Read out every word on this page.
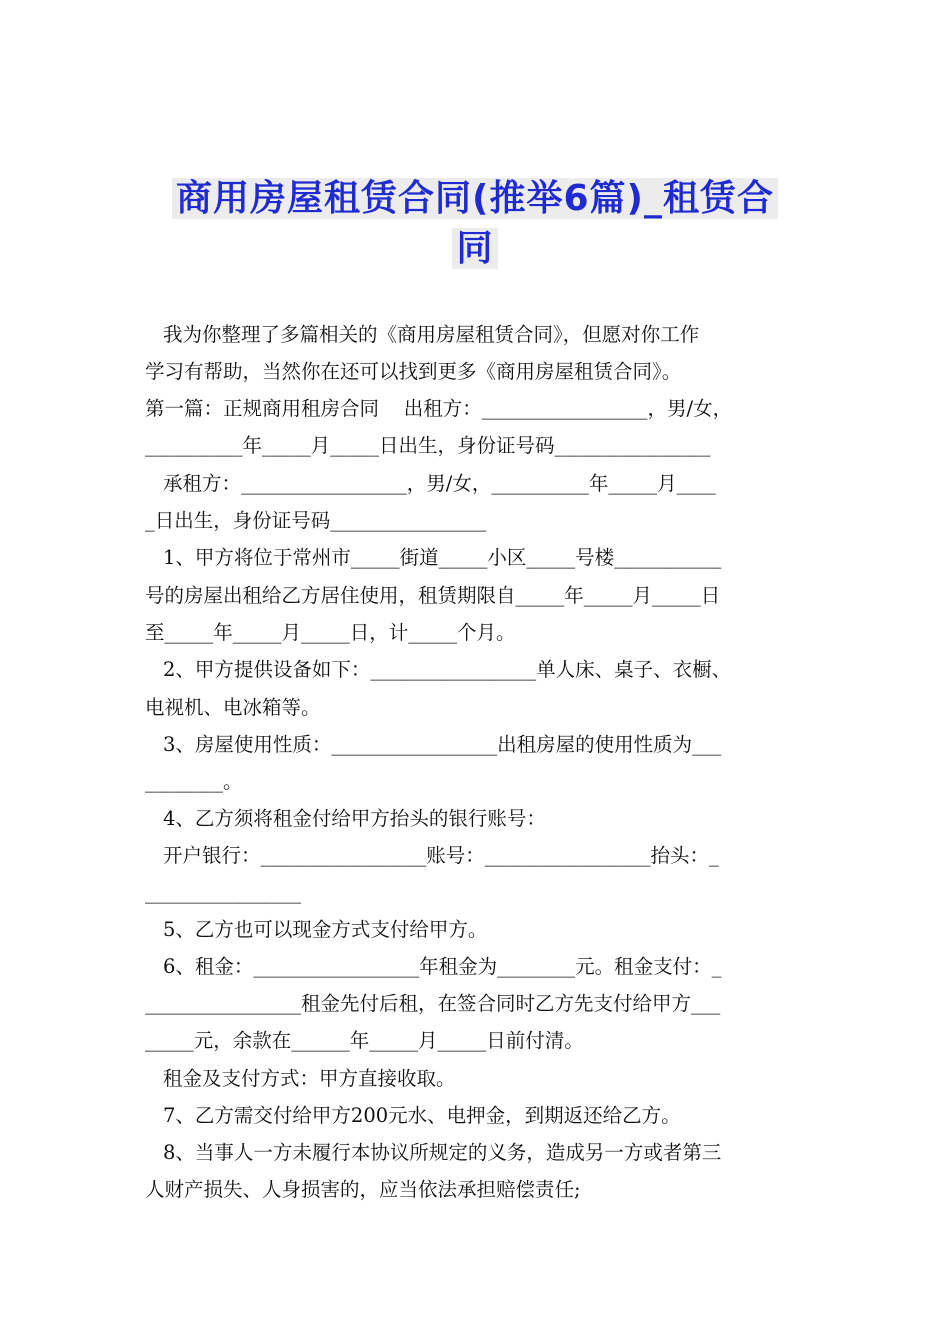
商用房屋租赁合同(推举6篇)_租赁合
同
我为你整理了多篇相关的《商用房屋租赁合同》，但愿对你工作
学习有帮助，当然你在还可以找到更多《商用房屋租赁合同》。
第一篇：正规商用租房合同    出租方：_________________，男/女，
__________年_____月_____日出生，身份证号码________________
承租方：_________________，男/女，__________年_____月____
_日出生，身份证号码________________
1、甲方将位于常州市_____街道_____小区_____号楼___________
号的房屋出租给乙方居住使用，租赁期限自_____年_____月_____日
至_____年_____月_____日，计_____个月。
2、甲方提供设备如下：_________________单人床、桌子、衣橱、
电视机、电冰箱等。
3、房屋使用性质：_________________出租房屋的使用性质为___
________。
4、乙方须将租金付给甲方抬头的银行账号：
开户银行：_________________账号：_________________抬头：_
________________
5、乙方也可以现金方式支付给甲方。
6、租金：_________________年租金为________元。租金支付：_
________________租金先付后租，在签合同时乙方先支付给甲方___
_____元，余款在______年_____月_____日前付清。
租金及支付方式：甲方直接收取。
7、乙方需交付给甲方200元水、电押金，到期返还给乙方。
8、当事人一方未履行本协议所规定的义务，造成另一方或者第三
人财产损失、人身损害的，应当依法承担赔偿责任;
